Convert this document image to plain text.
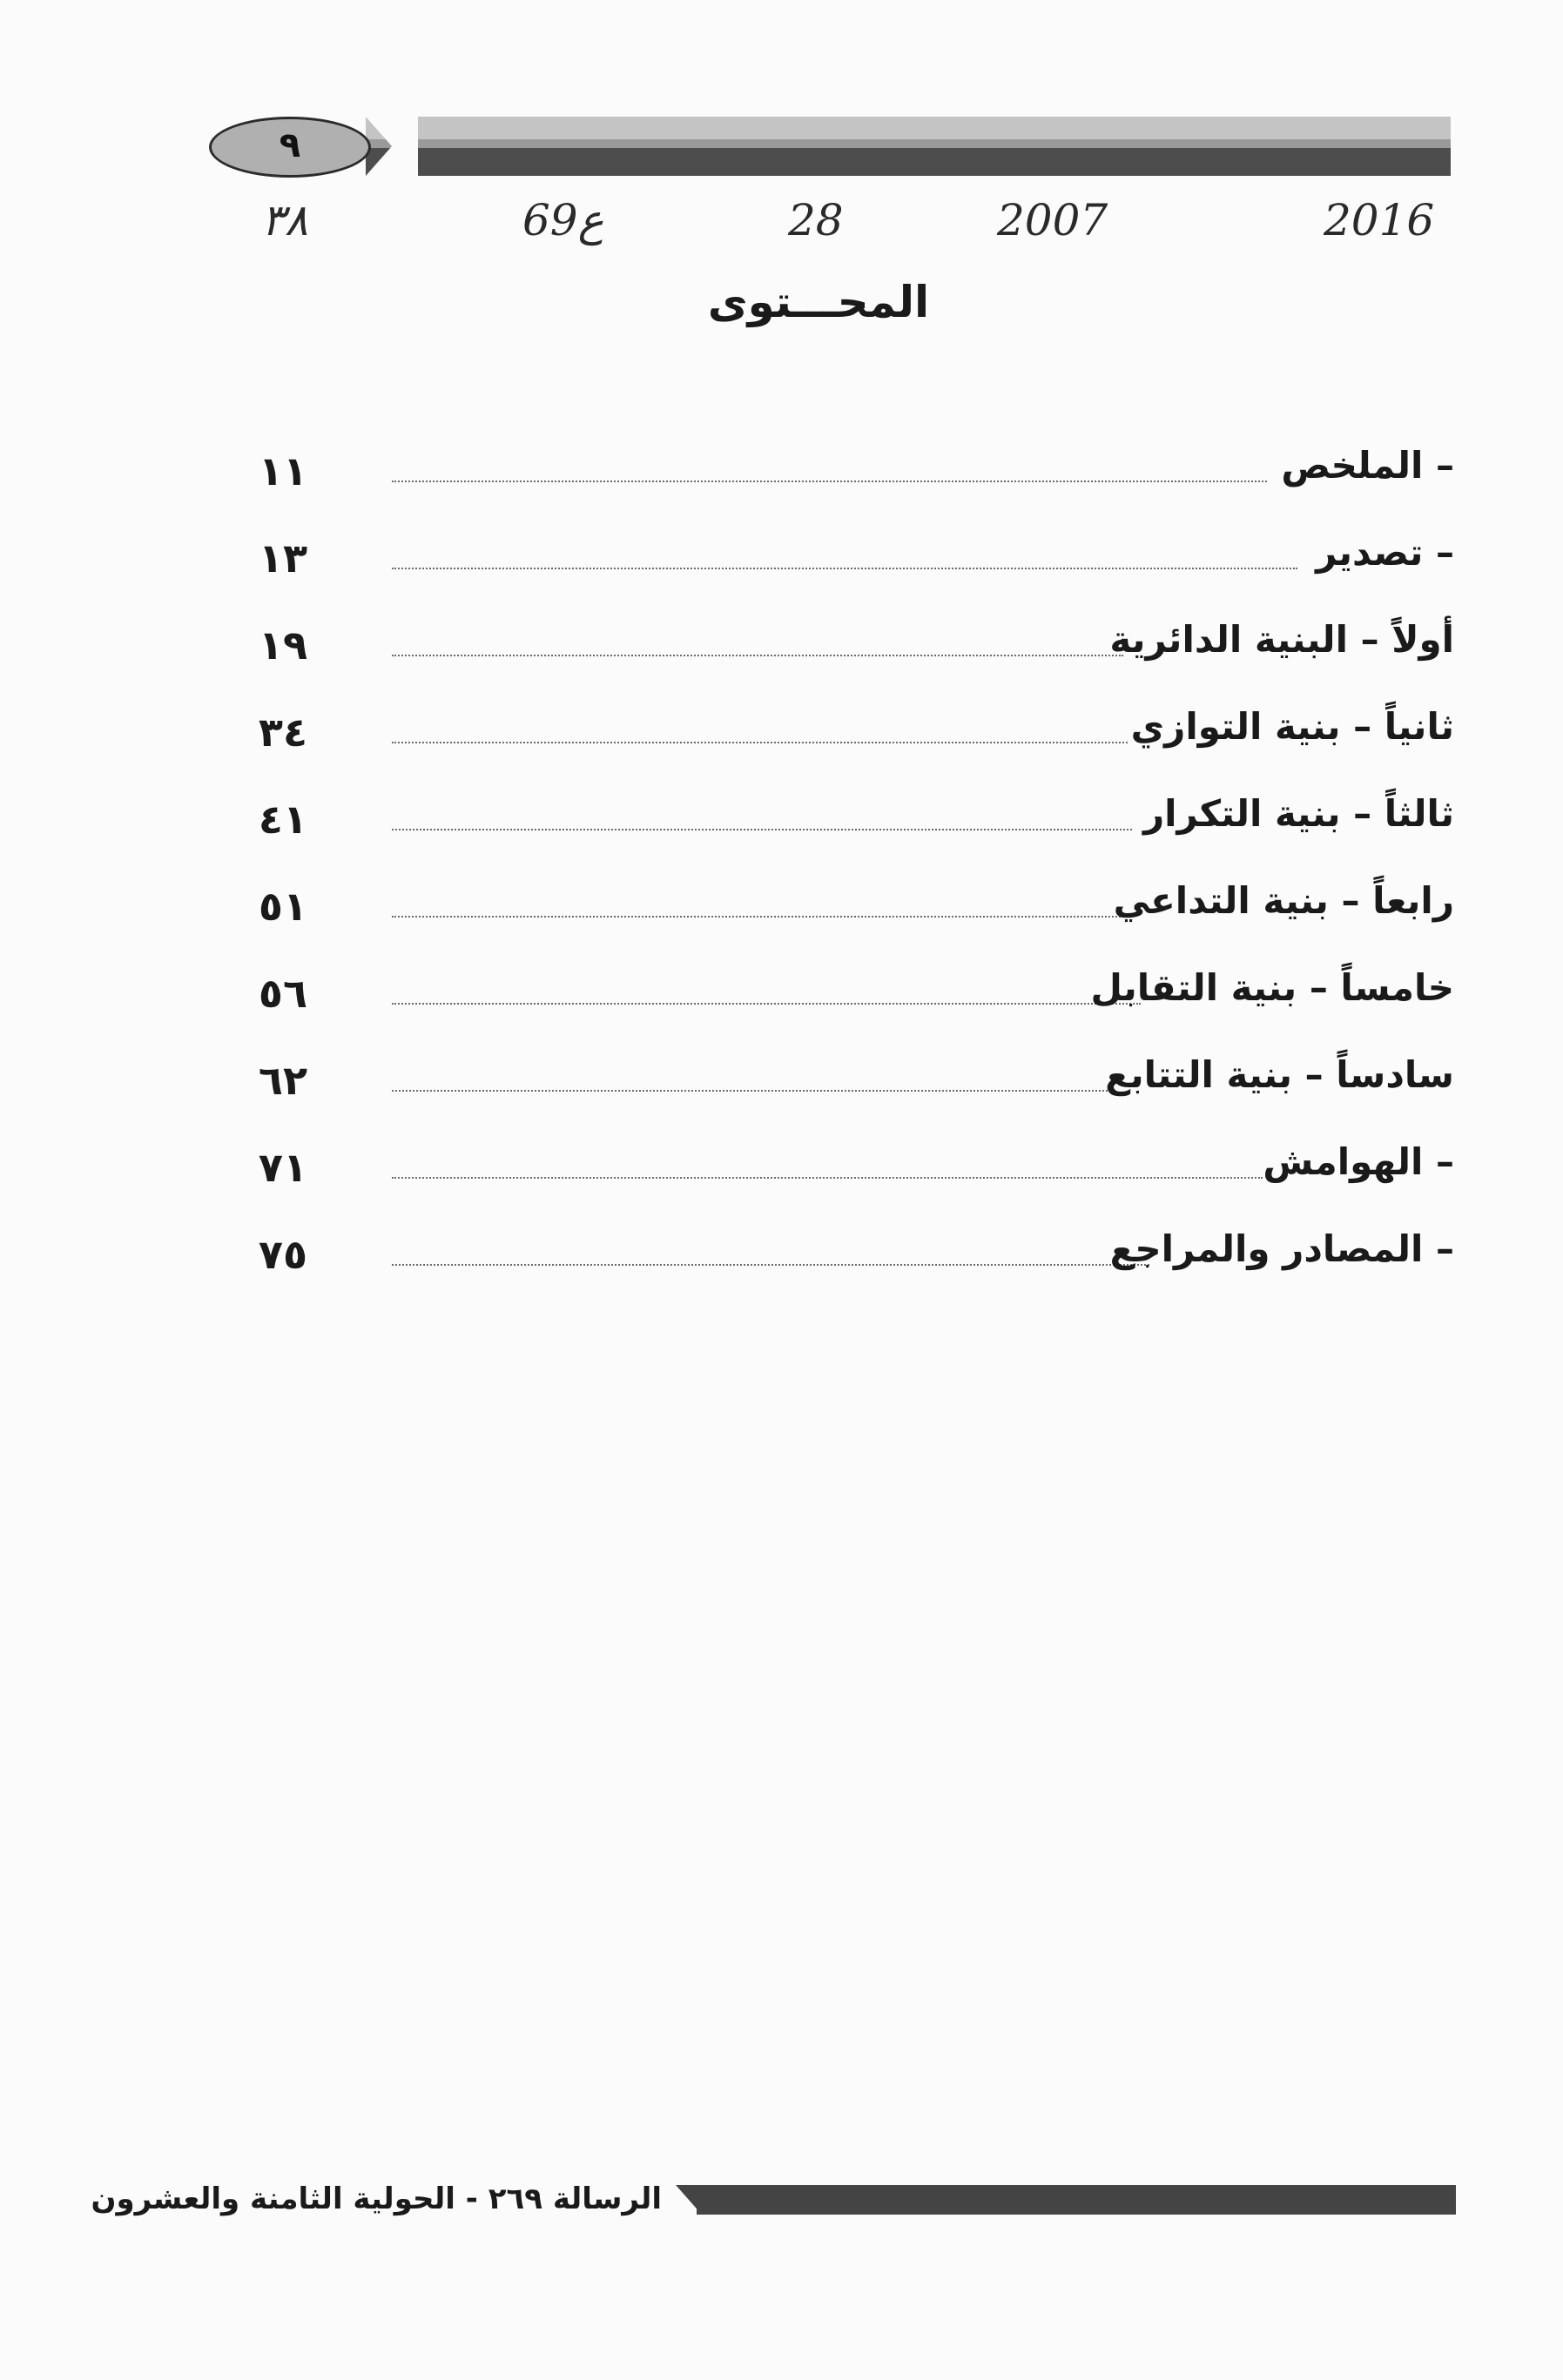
٩
2016
2007
28
ع69
٣٨
المحـــتوى
١١	– الملخص
١٣	– تصدير
١٩	أولاً – البنية الدائرية
٣٤	ثانياً – بنية التوازي
٤١	ثالثاً – بنية التكرار
٥١	رابعاً – بنية التداعي
٥٦	خامساً – بنية التقابل
٦٢	سادساً – بنية التتابع
٧١	– الهوامش
٧٥	– المصادر والمراجع
الرسالة ٢٦٩ - الحولية الثامنة والعشرون
